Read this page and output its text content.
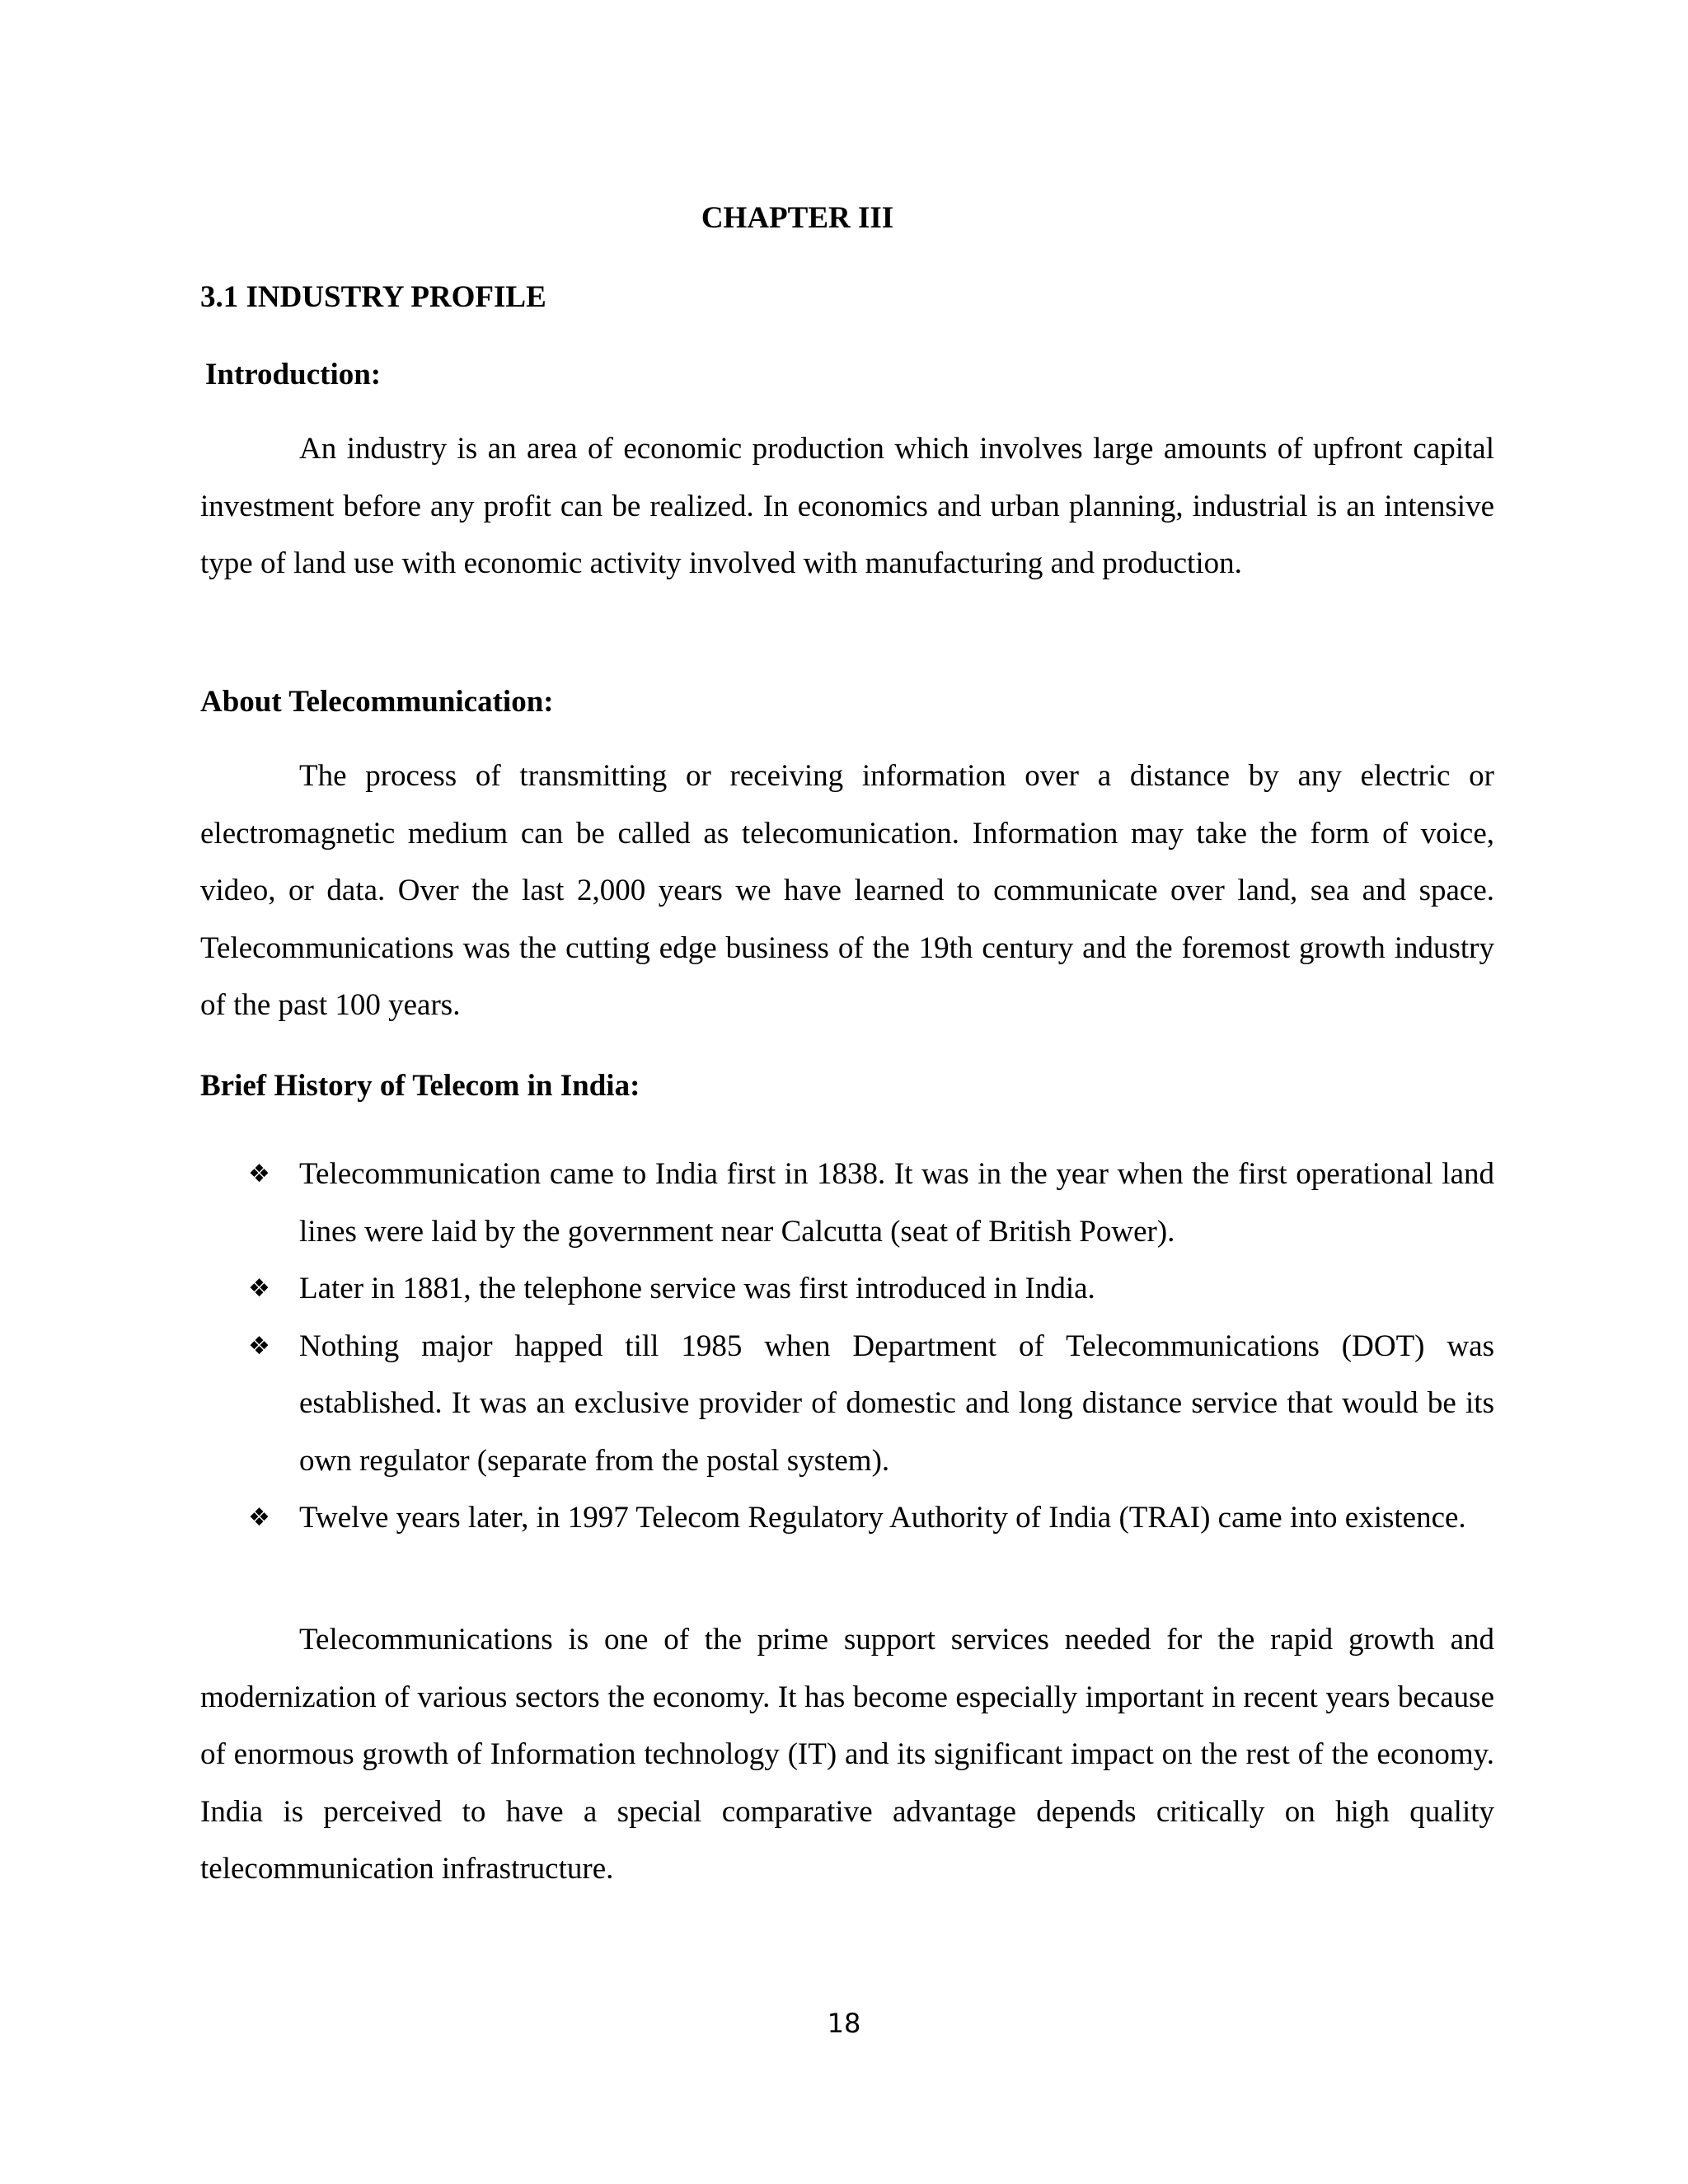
CHAPTER III
3.1 INDUSTRY PROFILE
Introduction:

An industry is an area of economic production which involves large amounts of upfront capital investment before any profit can be realized. In economics and urban planning, industrial is an intensive type of land use with economic activity involved with manufacturing and production.

About Telecommunication:

The process of transmitting or receiving information over a distance by any electric or electromagnetic medium can be called as telecomunication. Information may take the form of voice, video, or data. Over the last 2,000 years we have learned to communicate over land, sea and space. Telecommunications was the cutting edge business of the 19th century and the foremost growth industry of the past 100 years.

Brief History of Telecom in India:
❖ Telecommunication came to India first in 1838. It was in the year when the first operational land lines were laid by the government near Calcutta (seat of British Power).
❖ Later in 1881, the telephone service was first introduced in India.
❖ Nothing major happed till 1985 when Department of Telecommunications (DOT) was established. It was an exclusive provider of domestic and long distance service that would be its own regulator (separate from the postal system).
❖ Twelve years later, in 1997 Telecom Regulatory Authority of India (TRAI) came into existence.

Telecommunications is one of the prime support services needed for the rapid growth and modernization of various sectors the economy. It has become especially important in recent years because of enormous growth of Information technology (IT) and its significant impact on the rest of the economy. India is perceived to have a special comparative advantage depends critically on high quality telecommunication infrastructure.

18
